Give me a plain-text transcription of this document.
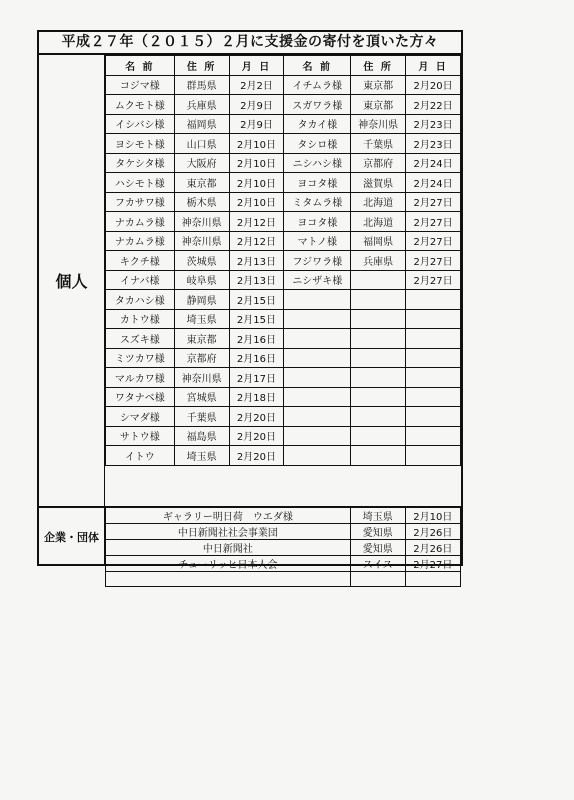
平成２７年（２０１５）２月に支援金の寄付を頂いた方々
個人
名 前	住 所	月 日	名 前	住 所	月 日
コジマ様	群馬県	2月2日	イチムラ様	東京都	2月20日
ムクモト様	兵庫県	2月9日	スガワラ様	東京都	2月22日
イシバシ様	福岡県	2月9日	タカイ様	神奈川県	2月23日
ヨシモト様	山口県	2月10日	タシロ様	千葉県	2月23日
タケシタ様	大阪府	2月10日	ニシハシ様	京都府	2月24日
ハシモト様	東京都	2月10日	ヨコタ様	滋賀県	2月24日
フカサワ様	栃木県	2月10日	ミタムラ様	北海道	2月27日
ナカムラ様	神奈川県	2月12日	ヨコタ様	北海道	2月27日
ナカムラ様	神奈川県	2月12日	マトノ様	福岡県	2月27日
キクチ様	茨城県	2月13日	フジワラ様	兵庫県	2月27日
イナバ様	岐阜県	2月13日	ニシザキ様		2月27日
タカハシ様	静岡県	2月15日			
カトウ様	埼玉県	2月15日			
スズキ様	東京都	2月16日			
ミツカワ様	京都府	2月16日			
マルカワ様	神奈川県	2月17日			
ワタナベ様	宮城県	2月18日			
シマダ様	千葉県	2月20日			
サトウ様	福島県	2月20日			
イトウ	埼玉県	2月20日			
企業・団体
ギャラリー明日荷　ウエダ様	埼玉県	2月10日
中日新聞社社会事業団	愛知県	2月26日
中日新聞社	愛知県	2月26日
チューリッヒ日本人会	スイス	2月27日
